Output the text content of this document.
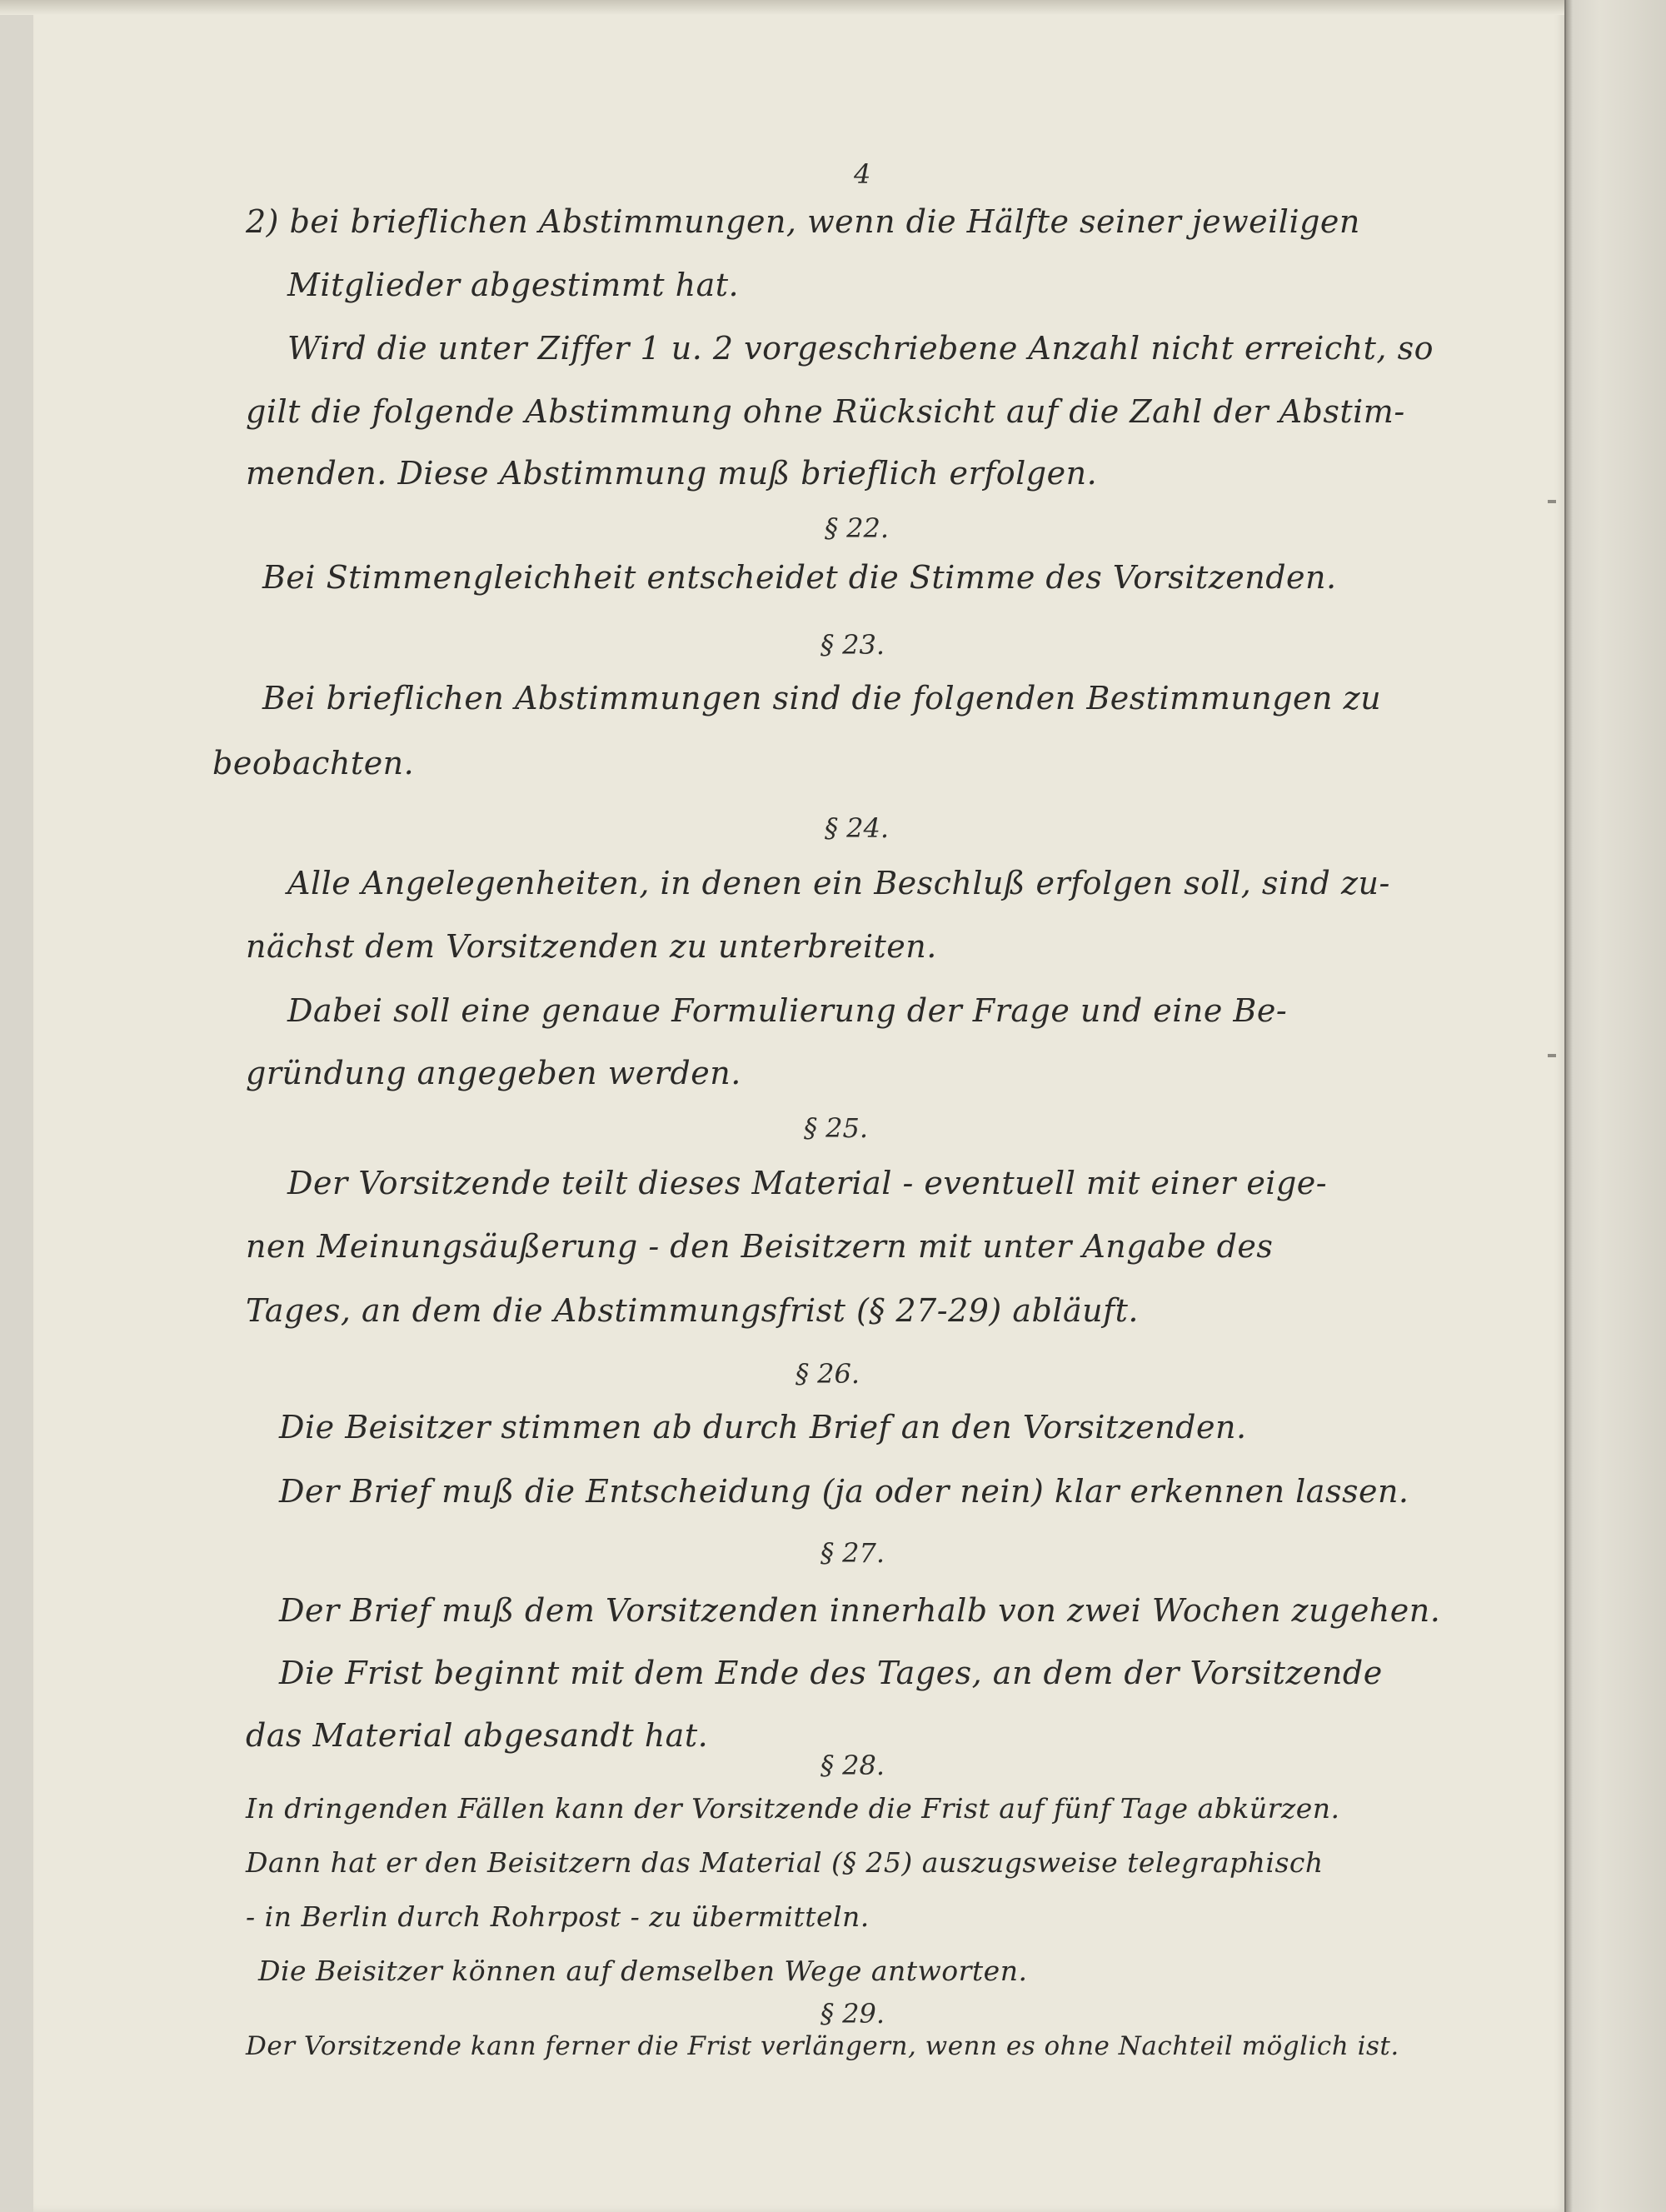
4
2) bei brieflichen Abstimmungen, wenn die Hälfte seiner jeweiligen
Mitglieder abgestimmt hat.
Wird die unter Ziffer 1 u. 2 vorgeschriebene Anzahl nicht erreicht, so
gilt die folgende Abstimmung ohne Rücksicht auf die Zahl der Abstim-
menden. Diese Abstimmung muß brieflich erfolgen.
§ 22.
Bei Stimmengleichheit entscheidet die Stimme des Vorsitzenden.
§ 23.
Bei brieflichen Abstimmungen sind die folgenden Bestimmungen zu
beobachten.
§ 24.
Alle Angelegenheiten, in denen ein Beschluß erfolgen soll, sind zu-
nächst dem Vorsitzenden zu unterbreiten.
Dabei soll eine genaue Formulierung der Frage und eine Be-
gründung angegeben werden.
§ 25.
Der Vorsitzende teilt dieses Material - eventuell mit einer eige-
nen Meinungsäußerung - den Beisitzern mit unter Angabe des
Tages, an dem die Abstimmungsfrist (§ 27-29) abläuft.
§ 26.
Die Beisitzer stimmen ab durch Brief an den Vorsitzenden.
Der Brief muß die Entscheidung (ja oder nein) klar erkennen lassen.
§ 27.
Der Brief muß dem Vorsitzenden innerhalb von zwei Wochen zugehen.
Die Frist beginnt mit dem Ende des Tages, an dem der Vorsitzende
das Material abgesandt hat.
§ 28.
In dringenden Fällen kann der Vorsitzende die Frist auf fünf Tage abkürzen.
Dann hat er den Beisitzern das Material (§ 25) auszugsweise telegraphisch
- in Berlin durch Rohrpost - zu übermitteln.
Die Beisitzer können auf demselben Wege antworten.
§ 29.
Der Vorsitzende kann ferner die Frist verlängern, wenn es ohne Nachteil möglich ist.
